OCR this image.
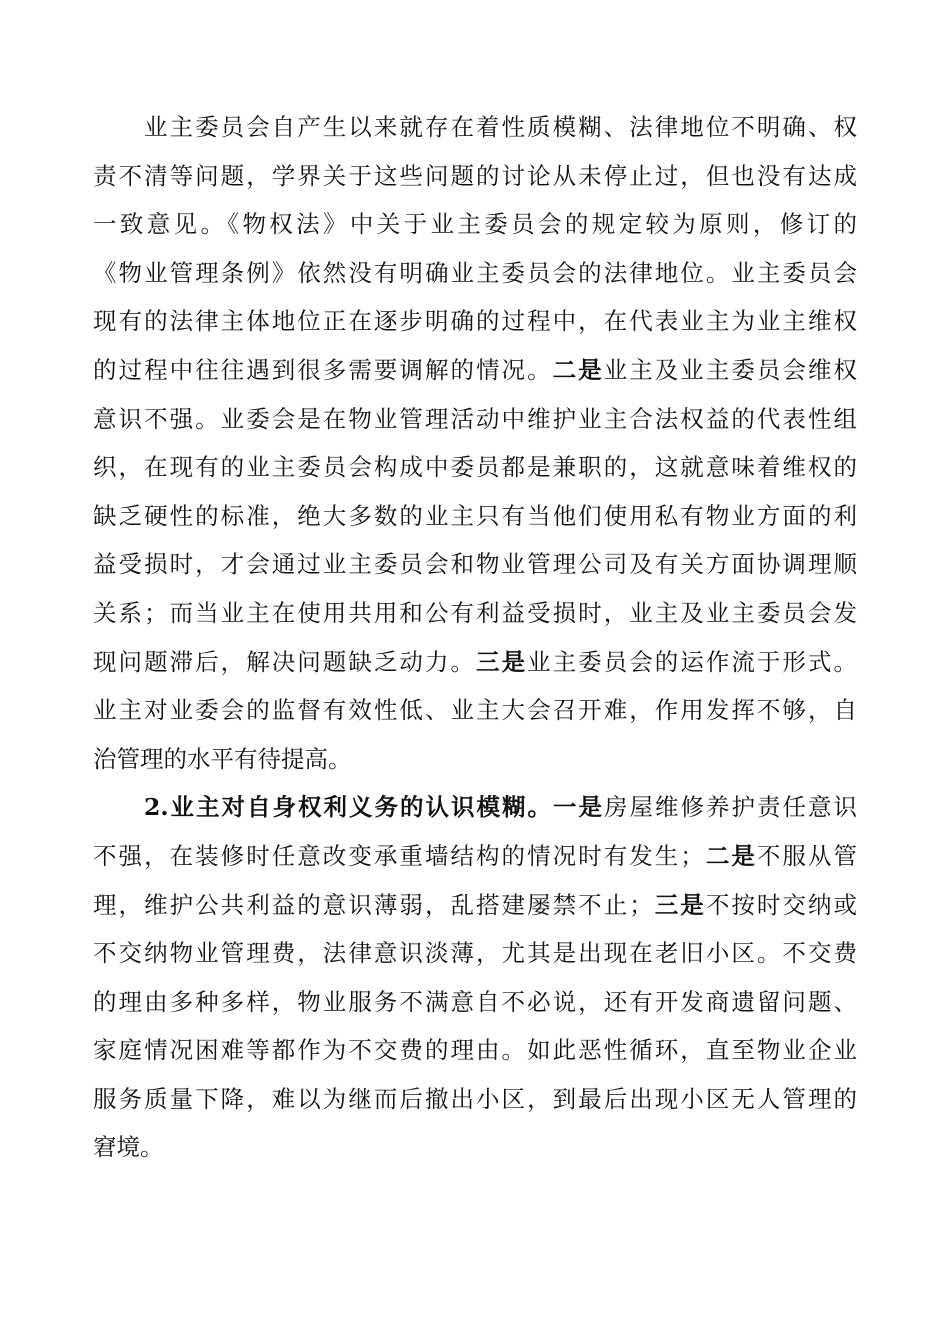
业主委员会自产生以来就存在着性质模糊、法律地位不明确、权
责不清等问题，学界关于这些问题的讨论从未停止过，但也没有达成
一致意见。《物权法》中关于业主委员会的规定较为原则，修订的
《物业管理条例》依然没有明确业主委员会的法律地位。业主委员会
现有的法律主体地位正在逐步明确的过程中，在代表业主为业主维权
的过程中往往遇到很多需要调解的情况。二是业主及业主委员会维权
意识不强。业委会是在物业管理活动中维护业主合法权益的代表性组
织，在现有的业主委员会构成中委员都是兼职的，这就意味着维权的
缺乏硬性的标准，绝大多数的业主只有当他们使用私有物业方面的利
益受损时，才会通过业主委员会和物业管理公司及有关方面协调理顺
关系；而当业主在使用共用和公有利益受损时，业主及业主委员会发
现问题滞后，解决问题缺乏动力。三是业主委员会的运作流于形式。
业主对业委会的监督有效性低、业主大会召开难，作用发挥不够，自
治管理的水平有待提高。
2.业主对自身权利义务的认识模糊。一是房屋维修养护责任意识
不强，在装修时任意改变承重墙结构的情况时有发生；二是不服从管
理，维护公共利益的意识薄弱，乱搭建屡禁不止；三是不按时交纳或
不交纳物业管理费，法律意识淡薄，尤其是出现在老旧小区。不交费
的理由多种多样，物业服务不满意自不必说，还有开发商遗留问题、
家庭情况困难等都作为不交费的理由。如此恶性循环，直至物业企业
服务质量下降，难以为继而后撤出小区，到最后出现小区无人管理的
窘境。
